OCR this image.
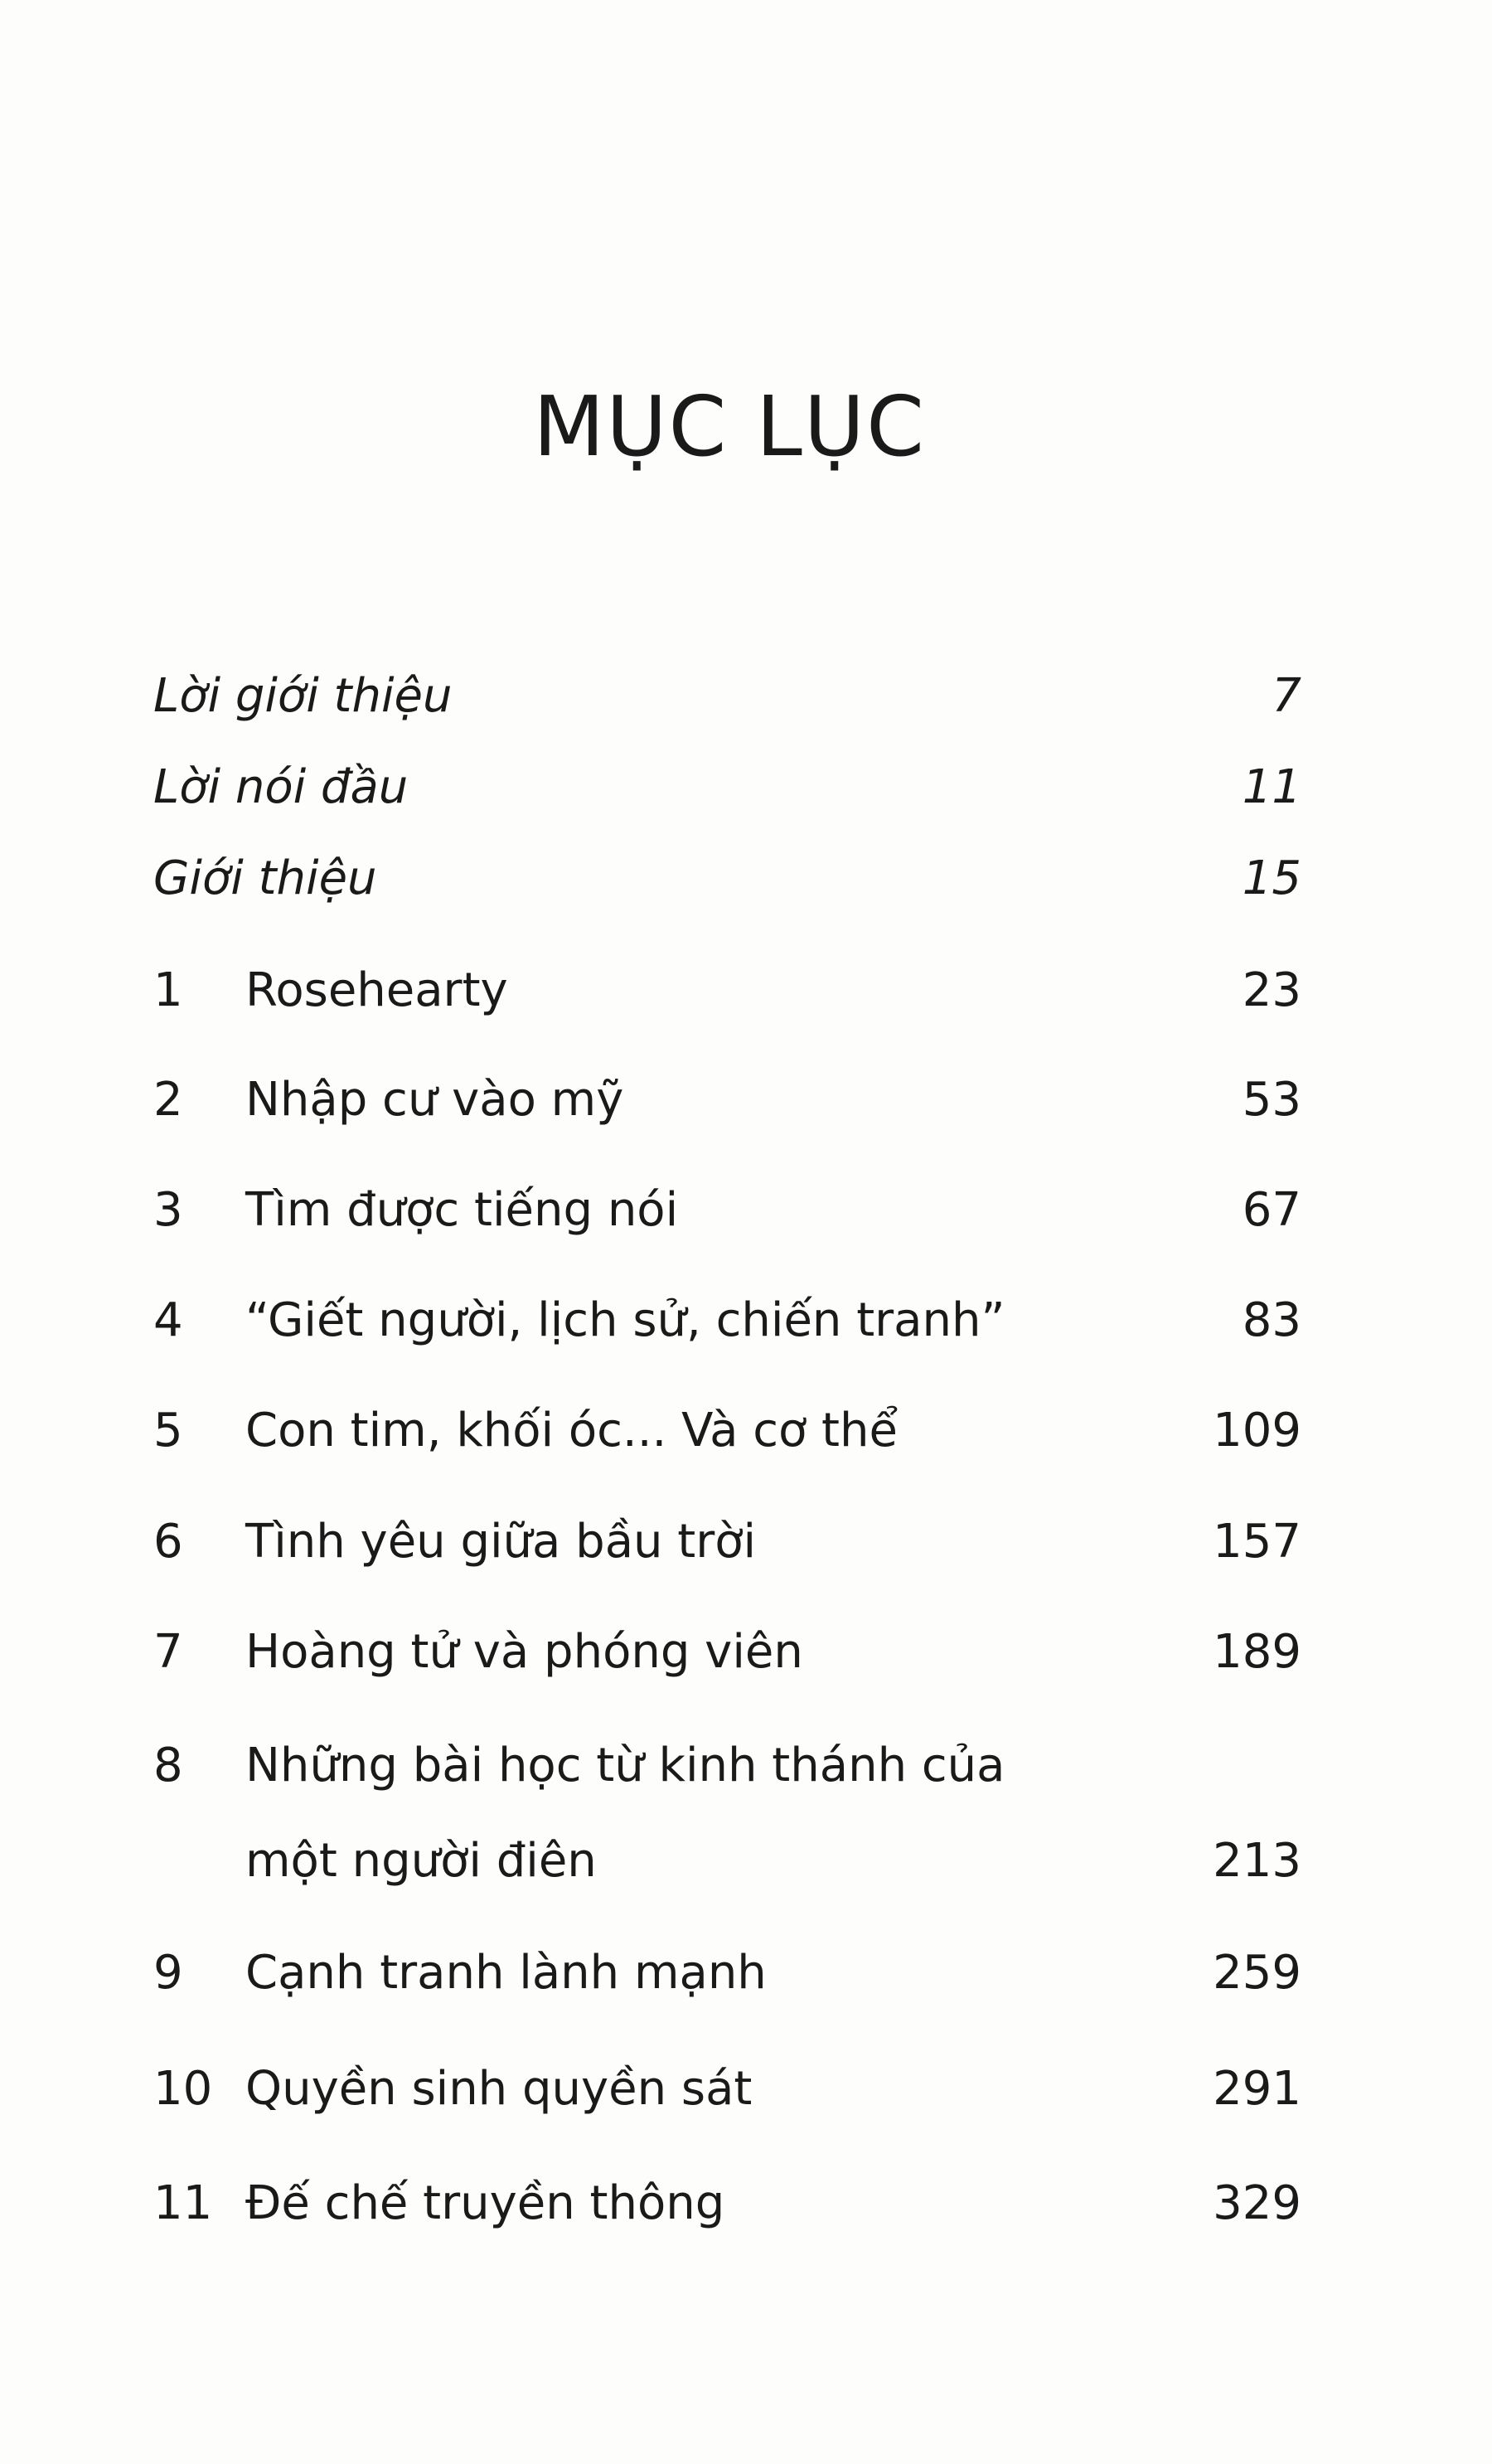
MỤC LỤC
Lời giới thiệu	7
Lời nói đầu	11
Giới thiệu	15
1	Rosehearty	23
2	Nhập cư vào mỹ	53
3	Tìm được tiếng nói	67
4	“Giết người, lịch sử, chiến tranh”	83
5	Con tim, khối óc... Và cơ thể	109
6	Tình yêu giữa bầu trời	157
7	Hoàng tử và phóng viên	189
8	Những bài học từ kinh thánh của
một người điên	213
9	Cạnh tranh lành mạnh	259
10 Quyền sinh quyền sát	291
11 Đế chế truyền thông	329
